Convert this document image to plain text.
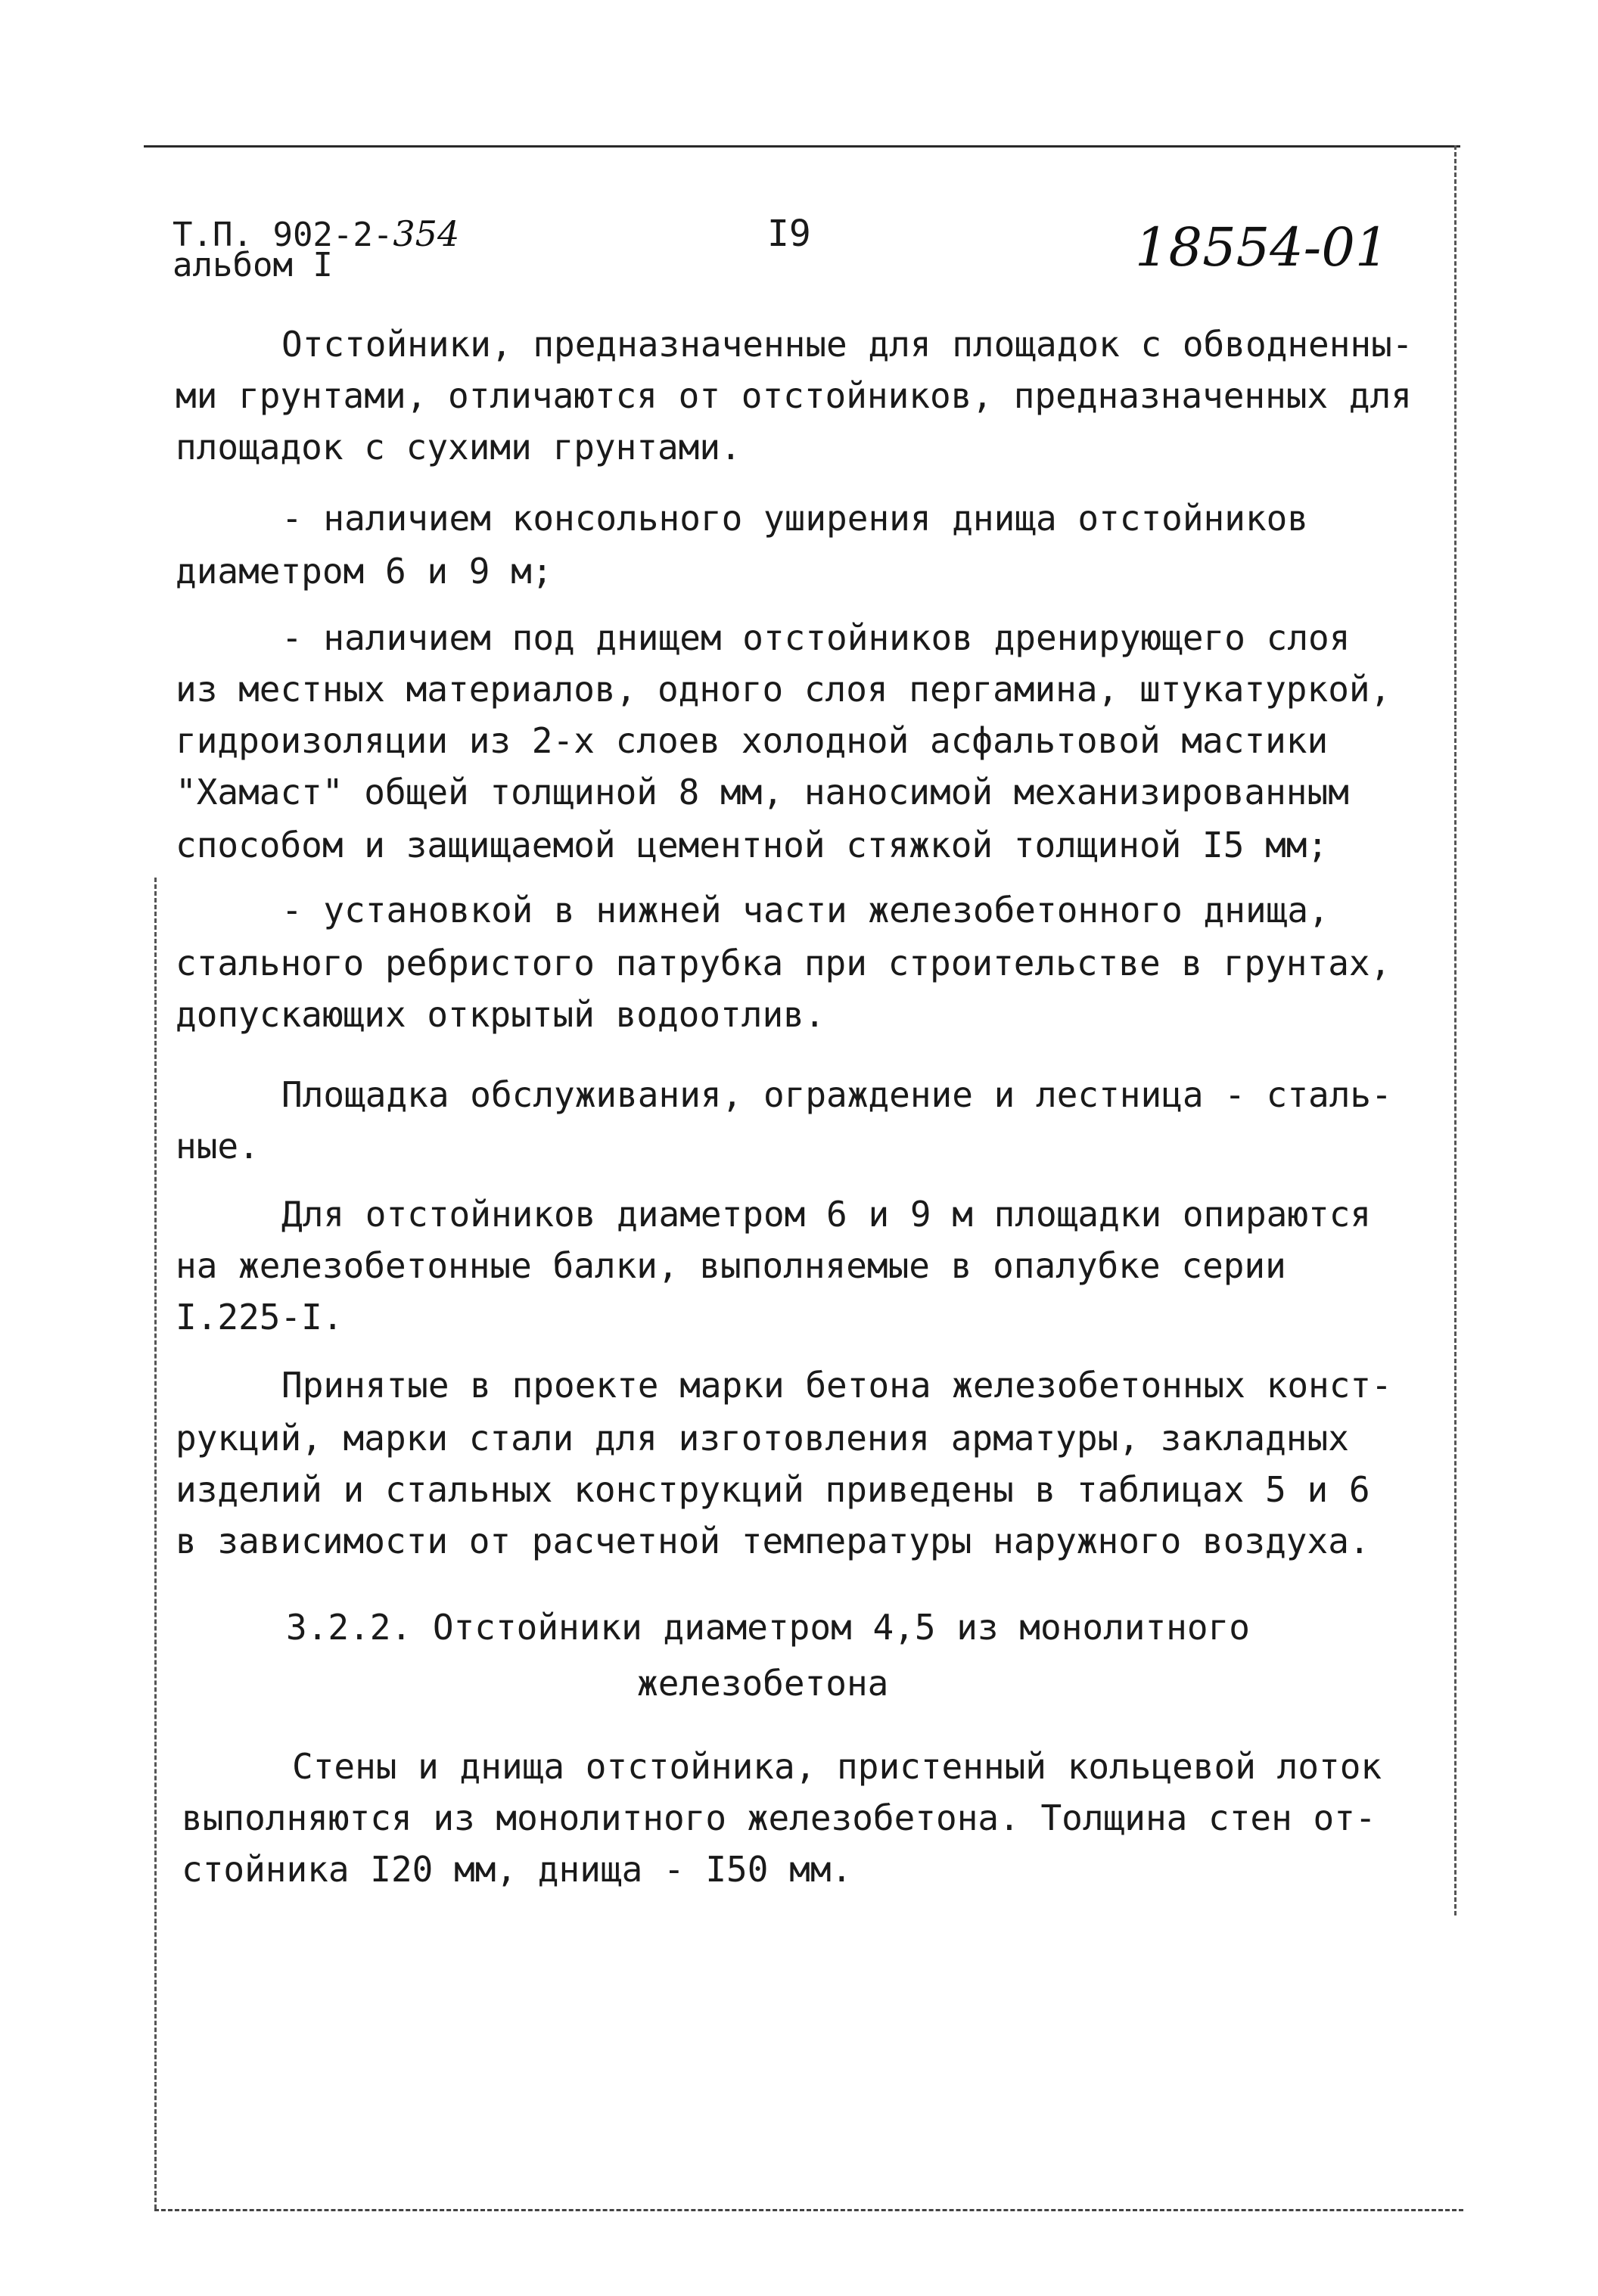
Т.П. 902-2-354
альбом I
I9	18554-01
Отстойники, предназначенные для площадок с обводненны-
ми грунтами, отличаются от отстойников, предназначенных для
площадок с сухими грунтами.
- наличием консольного уширения днища отстойников
диаметром 6 и 9 м;
- наличием под днищем отстойников дренирующего слоя
из местных материалов, одного слоя пергамина, штукатуркой,
гидроизоляции из 2-х слоев холодной асфальтовой мастики
"Хамаст" общей толщиной 8 мм, наносимой механизированным
способом и защищаемой цементной стяжкой толщиной I5 мм;
- установкой в нижней части железобетонного днища,
стального ребристого патрубка при строительстве в грунтах,
допускающих открытый водоотлив.
Площадка обслуживания, ограждение и лестница - сталь-
ные.
Для отстойников диаметром 6 и 9 м площадки опираются
на железобетонные балки, выполняемые в опалубке серии
I.225-I.
Принятые в проекте марки бетона железобетонных конст-
рукций, марки стали для изготовления арматуры, закладных
изделий и стальных конструкций приведены в таблицах 5 и 6
в зависимости от расчетной температуры наружного воздуха.
3.2.2. Отстойники диаметром 4,5 из монолитного
железобетона
Стены и днища отстойника, пристенный кольцевой лоток
выполняются из монолитного железобетона. Толщина стен от-
стойника I20 мм, днища - I50 мм.
